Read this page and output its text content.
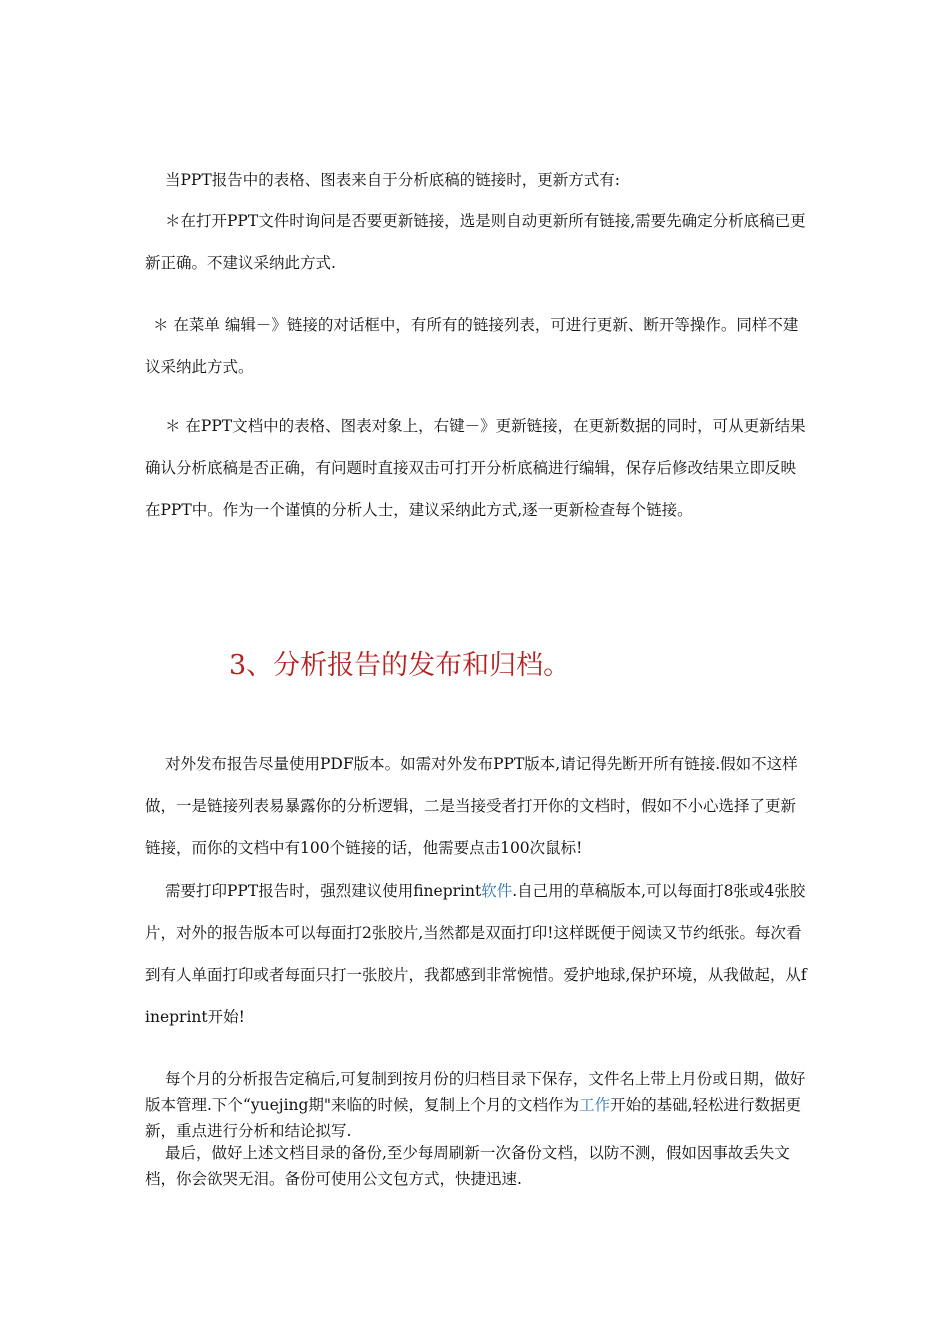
当PPT报告中的表格、图表来自于分析底稿的链接时，更新方式有:

＊在打开PPT文件时询问是否要更新链接，选是则自动更新所有链接,需要先确定分析底稿已更新正确。不建议采纳此方式.

＊ 在菜单 编辑－》链接的对话框中，有所有的链接列表，可进行更新、断开等操作。同样不建议采纳此方式。

＊ 在PPT文档中的表格、图表对象上，右键－》更新链接，在更新数据的同时，可从更新结果确认分析底稿是否正确，有问题时直接双击可打开分析底稿进行编辑，保存后修改结果立即反映在PPT中。作为一个谨慎的分析人士，建议采纳此方式,逐一更新检查每个链接。

3、分析报告的发布和归档。

对外发布报告尽量使用PDF版本。如需对外发布PPT版本,请记得先断开所有链接.假如不这样做，一是链接列表易暴露你的分析逻辑，二是当接受者打开你的文档时，假如不小心选择了更新链接，而你的文档中有100个链接的话，他需要点击100次鼠标!

需要打印PPT报告时，强烈建议使用fineprint软件.自己用的草稿版本,可以每面打8张或4张胶片，对外的报告版本可以每面打2张胶片,当然都是双面打印!这样既便于阅读又节约纸张。每次看到有人单面打印或者每面只打一张胶片，我都感到非常惋惜。爱护地球,保护环境，从我做起，从fineprint开始!

每个月的分析报告定稿后,可复制到按月份的归档目录下保存，文件名上带上月份或日期，做好版本管理.下个“yuejing期"来临的时候，复制上个月的文档作为工作开始的基础,轻松进行数据更新，重点进行分析和结论拟写.

最后，做好上述文档目录的备份,至少每周刷新一次备份文档，以防不测，假如因事故丢失文档，你会欲哭无泪。备份可使用公文包方式，快捷迅速.
